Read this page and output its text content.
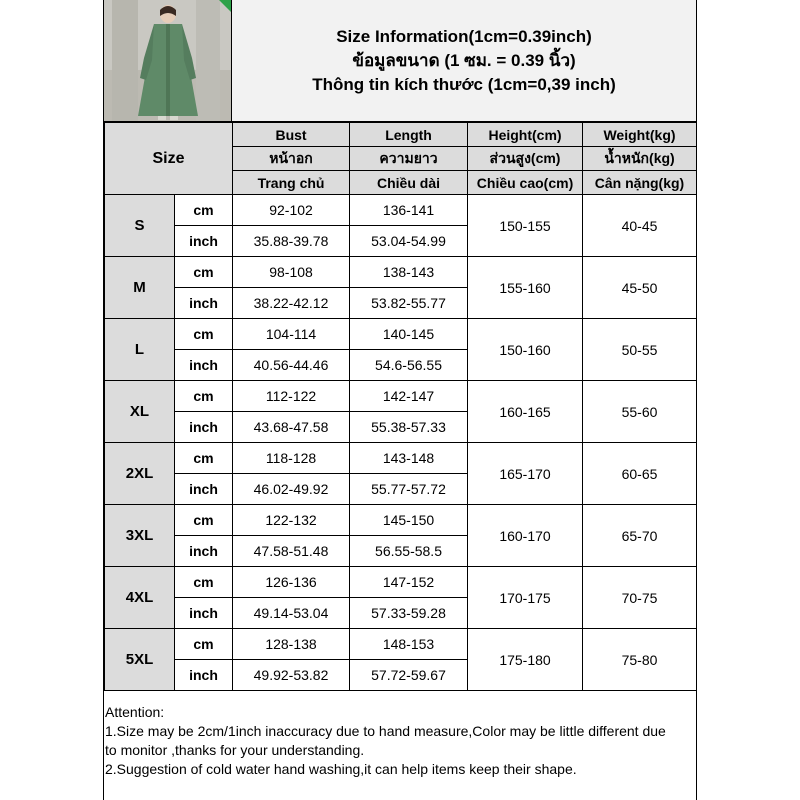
Size Information(1cm=0.39inch)
ข้อมูลขนาด (1 ซม. = 0.39 นิ้ว)
Thông tin kích thước (1cm=0,39 inch)
Size		Bust	Length	Height(cm)	Weight(kg)
		หน้าอก	ความยาว	ส่วนสูง(cm)	น้ำหนัก(kg)
		Trang chủ	Chiều dài	Chiều cao(cm)	Cân nặng(kg)
S	cm	92-102	136-141	150-155	40-45
	inch	35.88-39.78	53.04-54.99		
M	cm	98-108	138-143	155-160	45-50
	inch	38.22-42.12	53.82-55.77		
L	cm	104-114	140-145	150-160	50-55
	inch	40.56-44.46	54.6-56.55		
XL	cm	112-122	142-147	160-165	55-60
	inch	43.68-47.58	55.38-57.33		
2XL	cm	118-128	143-148	165-170	60-65
	inch	46.02-49.92	55.77-57.72		
3XL	cm	122-132	145-150	160-170	65-70
	inch	47.58-51.48	56.55-58.5		
4XL	cm	126-136	147-152	170-175	70-75
	inch	49.14-53.04	57.33-59.28		
5XL	cm	128-138	148-153	175-180	75-80
	inch	49.92-53.82	57.72-59.67		
Attention:
1.Size may be 2cm/1inch inaccuracy due to hand measure,Color may be little different due
to monitor ,thanks for your understanding.
2.Suggestion of cold water hand washing,it can help items keep their shape.
